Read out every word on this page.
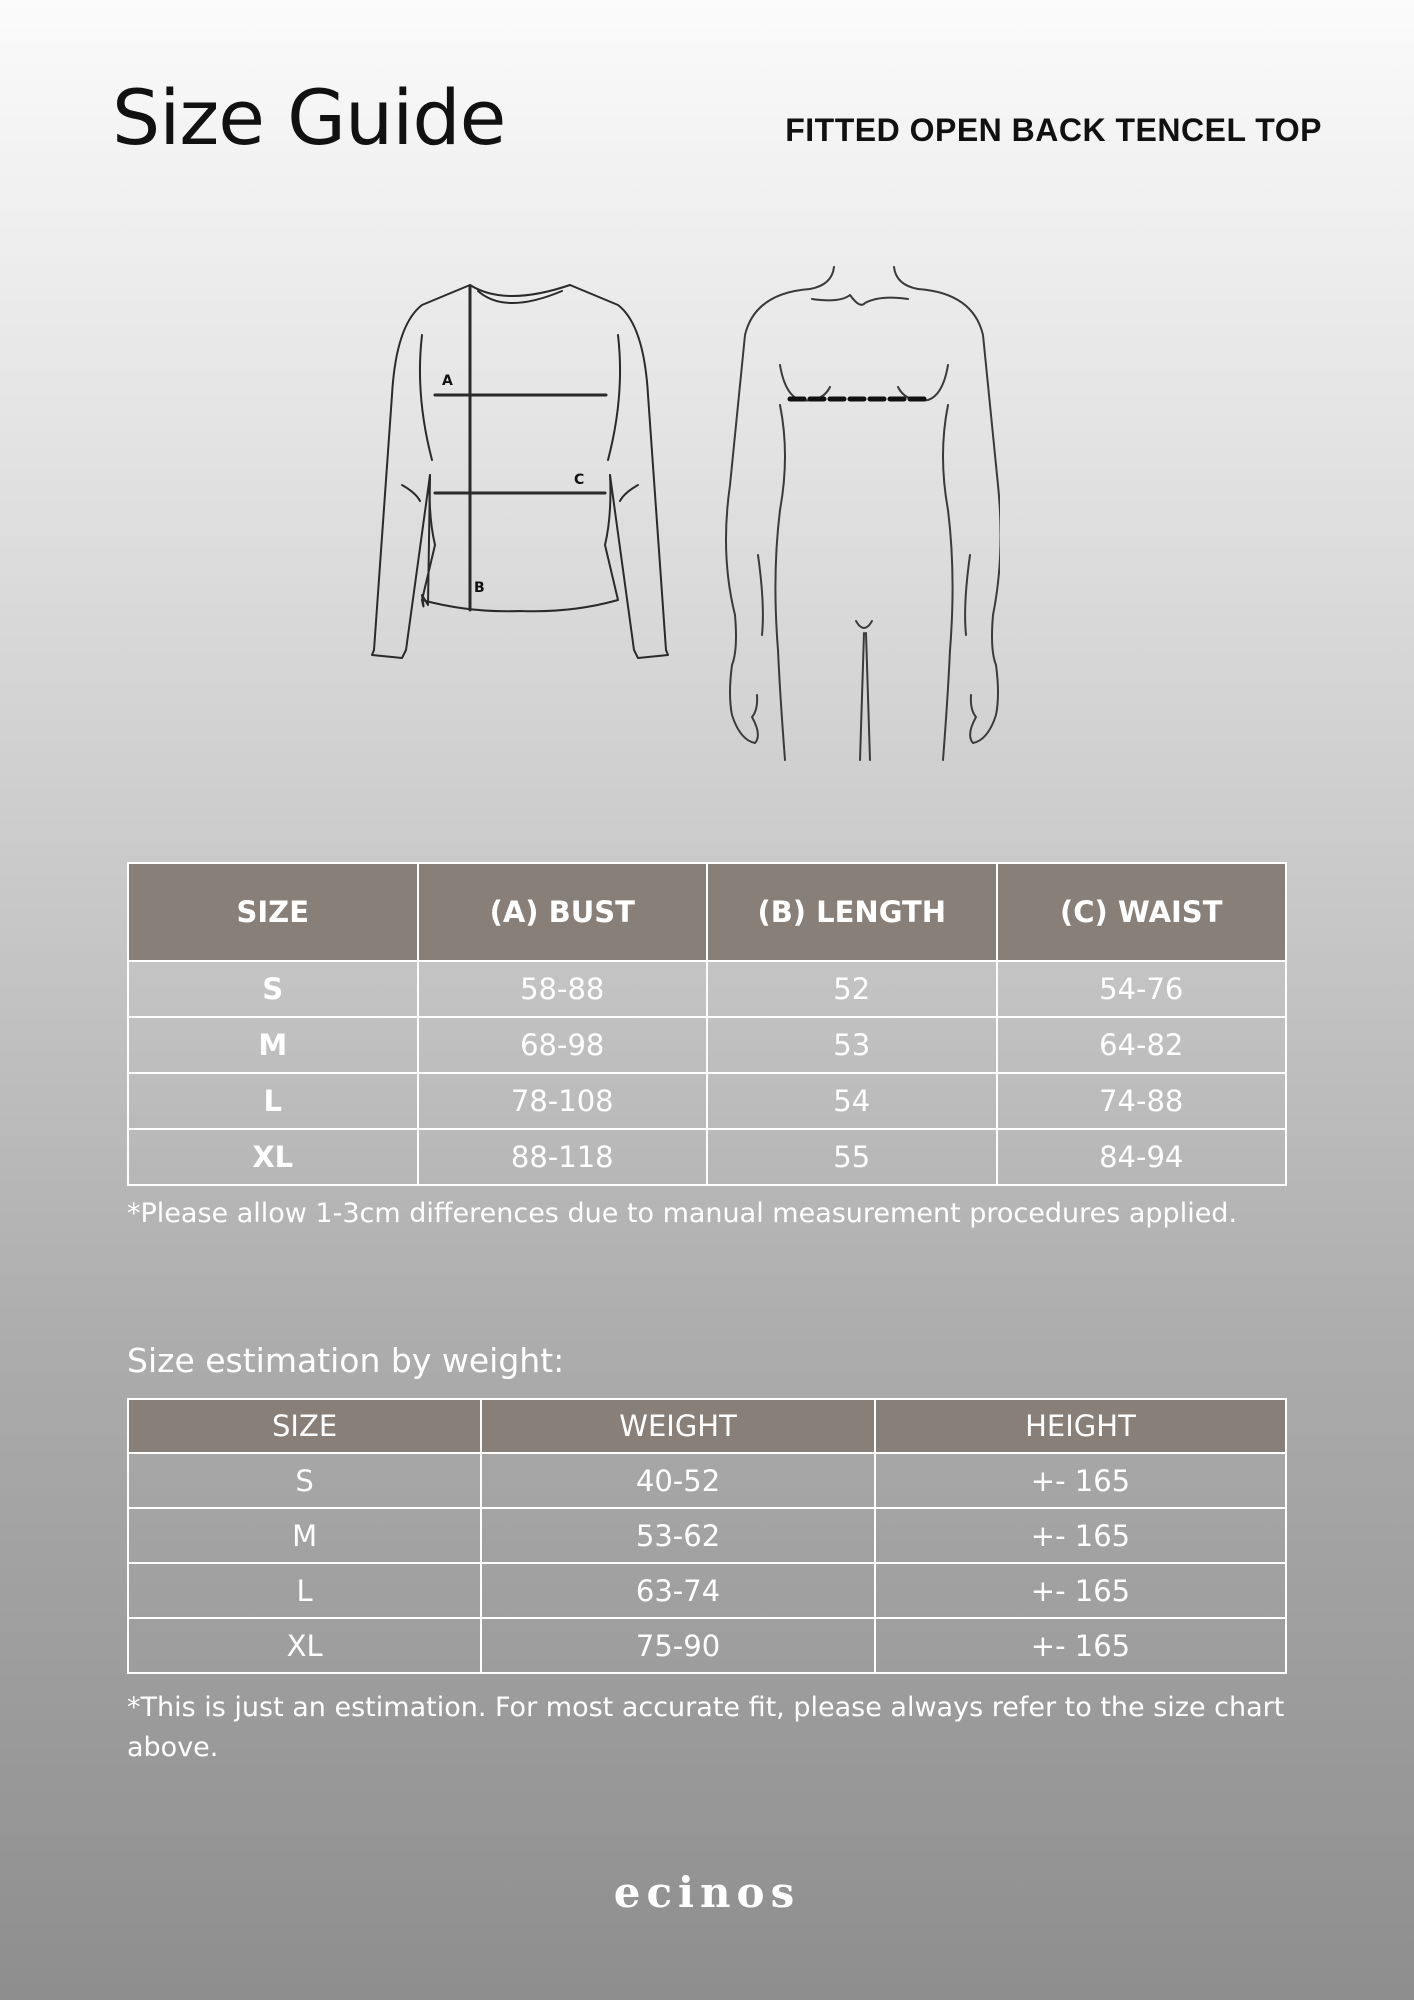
Size Guide	FITTED OPEN BACK TENCEL TOP
A
C
B
SIZE	(A) BUST	(B) LENGTH	(C) WAIST
S	58-88	52	54-76
M	68-98	53	64-82
L	78-108	54	74-88
XL	88-118	55	84-94
*Please allow 1-3cm differences due to manual measurement procedures applied.
Size estimation by weight:
SIZE	WEIGHT	HEIGHT
S	40-52	+- 165
M	53-62	+- 165
L	63-74	+- 165
XL	75-90	+- 165
*This is just an estimation. For most accurate fit, please always refer to the size chart above.
ecinos
